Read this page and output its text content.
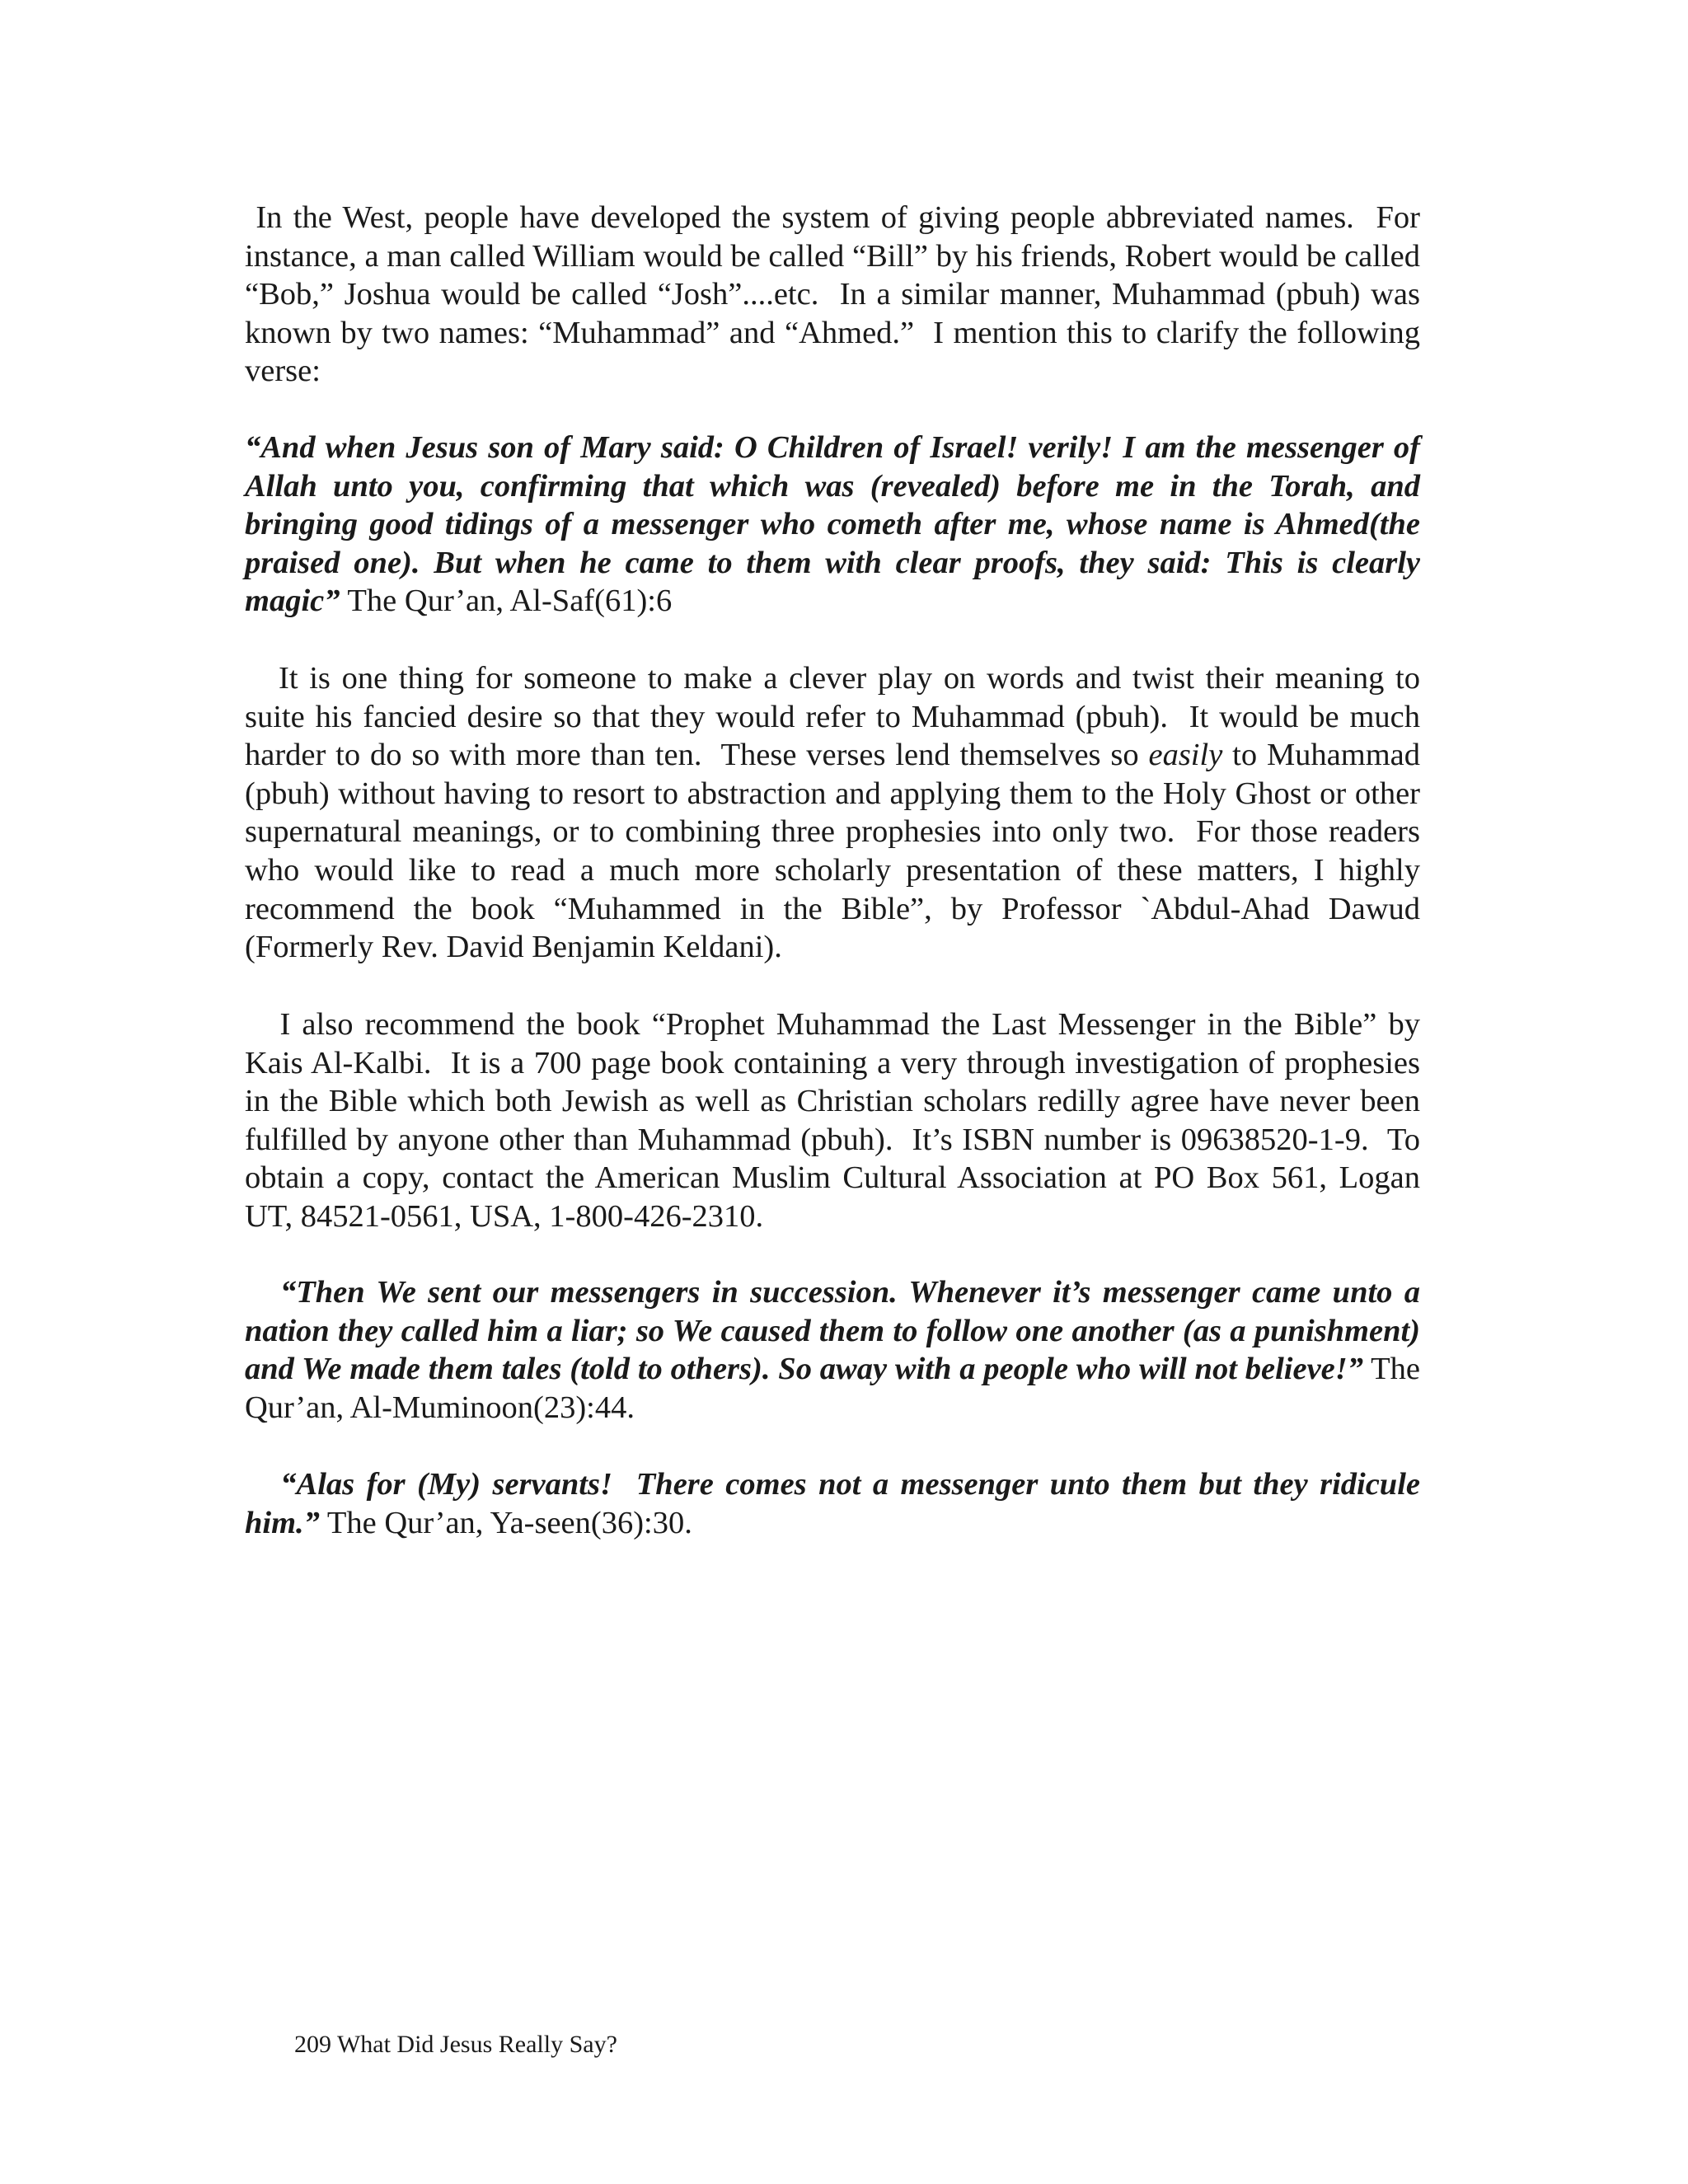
In the West, people have developed the system of giving people abbreviated names.  For instance, a man called William would be called “Bill” by his friends, Robert would be called “Bob,” Joshua would be called “Josh”....etc.  In a similar manner, Muhammad (pbuh) was known by two names: “Muhammad” and “Ahmed.”  I mention this to clarify the following verse:

“And when Jesus son of Mary said: O Children of Israel! verily! I am the messenger of Allah unto you, confirming that which was (revealed) before me in the Torah, and bringing good tidings of a messenger who cometh after me, whose name is Ahmed(the praised one). But when he came to them with clear proofs, they said: This is clearly magic” The Qur’an, Al-Saf(61):6

It is one thing for someone to make a clever play on words and twist their meaning to suite his fancied desire so that they would refer to Muhammad (pbuh).  It would be much harder to do so with more than ten.  These verses lend themselves so easily to Muhammad (pbuh) without having to resort to abstraction and applying them to the Holy Ghost or other supernatural meanings, or to combining three prophesies into only two.  For those readers who would like to read a much more scholarly presentation of these matters, I highly recommend the book “Muhammed in the Bible”, by Professor `Abdul-Ahad Dawud (Formerly Rev. David Benjamin Keldani).

I also recommend the book “Prophet Muhammad the Last Messenger in the Bible” by Kais Al-Kalbi.  It is a 700 page book containing a very through investigation of prophesies in the Bible which both Jewish as well as Christian scholars redilly agree have never been fulfilled by anyone other than Muhammad (pbuh).  It’s ISBN number is 09638520-1-9.  To obtain a copy, contact the American Muslim Cultural Association at PO Box 561, Logan UT, 84521-0561, USA, 1-800-426-2310.

“Then We sent our messengers in succession. Whenever it’s messenger came unto a nation they called him a liar; so We caused them to follow one another (as a punishment) and We made them tales (told to others). So away with a people who will not believe!” The Qur’an, Al-Muminoon(23):44.

“Alas for (My) servants!  There comes not a messenger unto them but they ridicule him.” The Qur’an, Ya-seen(36):30.

209 What Did Jesus Really Say?
